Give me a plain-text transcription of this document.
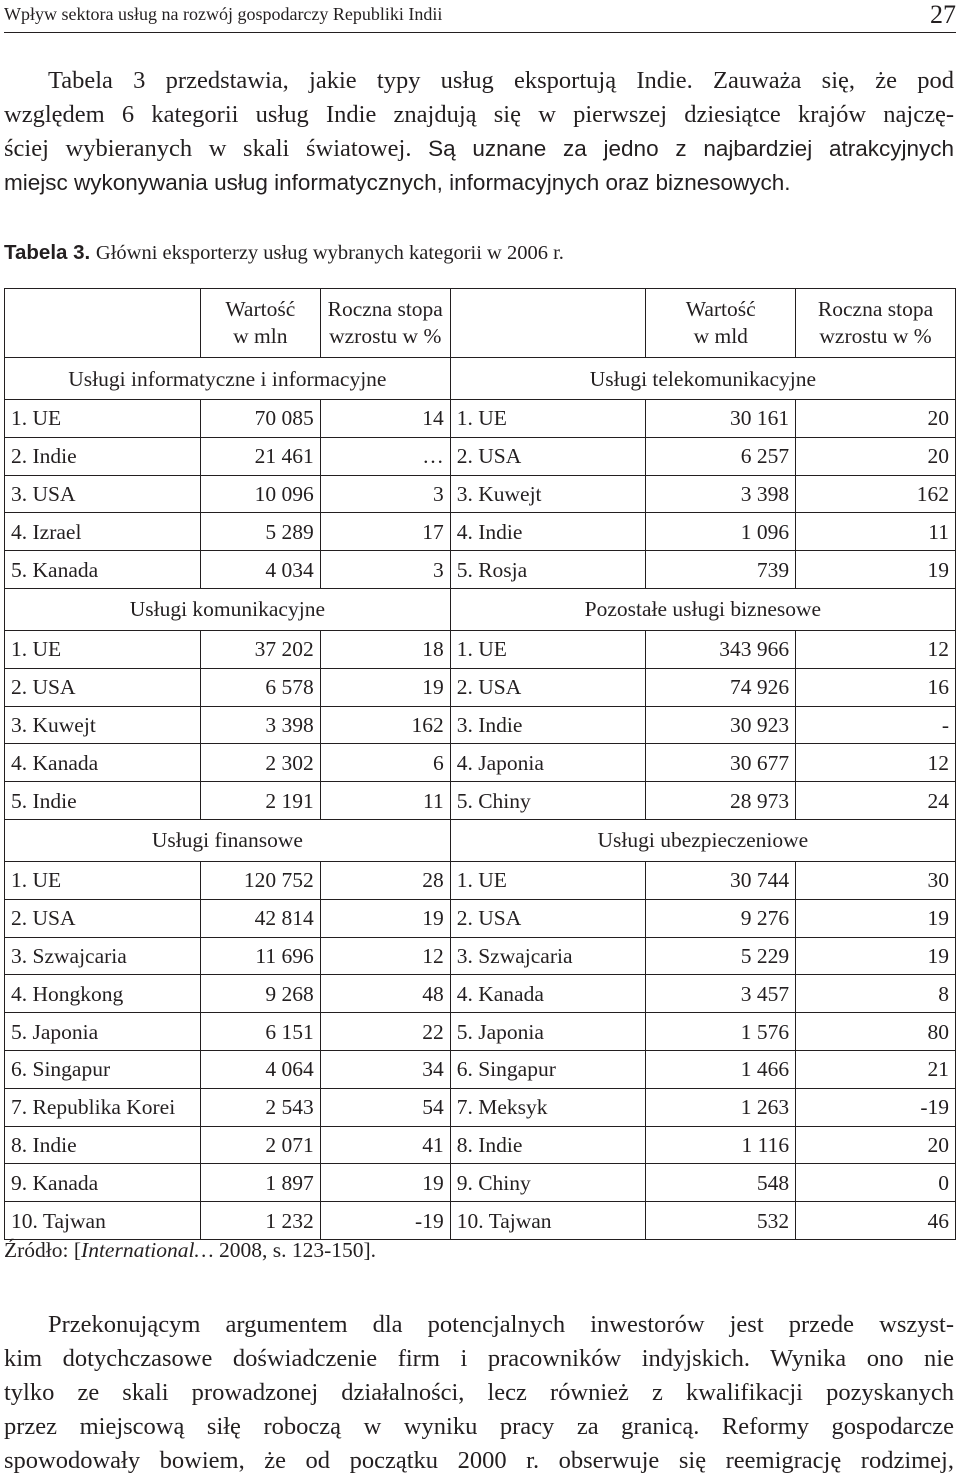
Wpływ sektora usług na rozwój gospodarczy Republiki Indii	27
Tabela 3 przedstawia, jakie typy usług eksportują Indie. Zauważa się, że pod
względem 6 kategorii usług Indie znajdują się w pierwszej dziesiątce krajów najczę-
ściej wybieranych w skali światowej. Są uznane za jedno z najbardziej atrakcyjnych
miejsc wykonywania usług informatycznych, informacyjnych oraz biznesowych.
Tabela 3. Główni eksporterzy usług wybranych kategorii w 2006 r.
	Wartość
w mln	Roczna stopa
wzrostu w %		Wartość
w mld	Roczna stopa
wzrostu w %
Usługi informatyczne i informacyjne			Usługi telekomunikacyjne		
1. UE	70 085	14	1. UE	30 161	20
2. Indie	21 461	…	2. USA	6 257	20
3. USA	10 096	3	3. Kuwejt	3 398	162
4. Izrael	5 289	17	4. Indie	1 096	11
5. Kanada	4 034	3	5. Rosja	739	19
Usługi komunikacyjne			Pozostałe usługi biznesowe		
1. UE	37 202	18	1. UE	343 966	12
2. USA	6 578	19	2. USA	74 926	16
3. Kuwejt	3 398	162	3. Indie	30 923	-
4. Kanada	2 302	6	4. Japonia	30 677	12
5. Indie	2 191	11	5. Chiny	28 973	24
Usługi finansowe			Usługi ubezpieczeniowe		
1. UE	120 752	28	1. UE	30 744	30
2. USA	42 814	19	2. USA	9 276	19
3. Szwajcaria	11 696	12	3. Szwajcaria	5 229	19
4. Hongkong	9 268	48	4. Kanada	3 457	8
5. Japonia	6 151	22	5. Japonia	1 576	80
6. Singapur	4 064	34	6. Singapur	1 466	21
7. Republika Korei	2 543	54	7. Meksyk	1 263	-19
8. Indie	2 071	41	8. Indie	1 116	20
9. Kanada	1 897	19	9. Chiny	548	0
10. Tajwan	1 232	-19	10. Tajwan	532	46
Źródło: [International… 2008, s. 123-150].
Przekonującym argumentem dla potencjalnych inwestorów jest przede wszyst-
kim dotychczasowe doświadczenie firm i pracowników indyjskich. Wynika ono nie
tylko ze skali prowadzonej działalności, lecz również z kwalifikacji pozyskanych
przez miejscową siłę roboczą w wyniku pracy za granicą. Reformy gospodarcze
spowodowały bowiem, że od początku 2000 r. obserwuje się reemigrację rodzimej,
